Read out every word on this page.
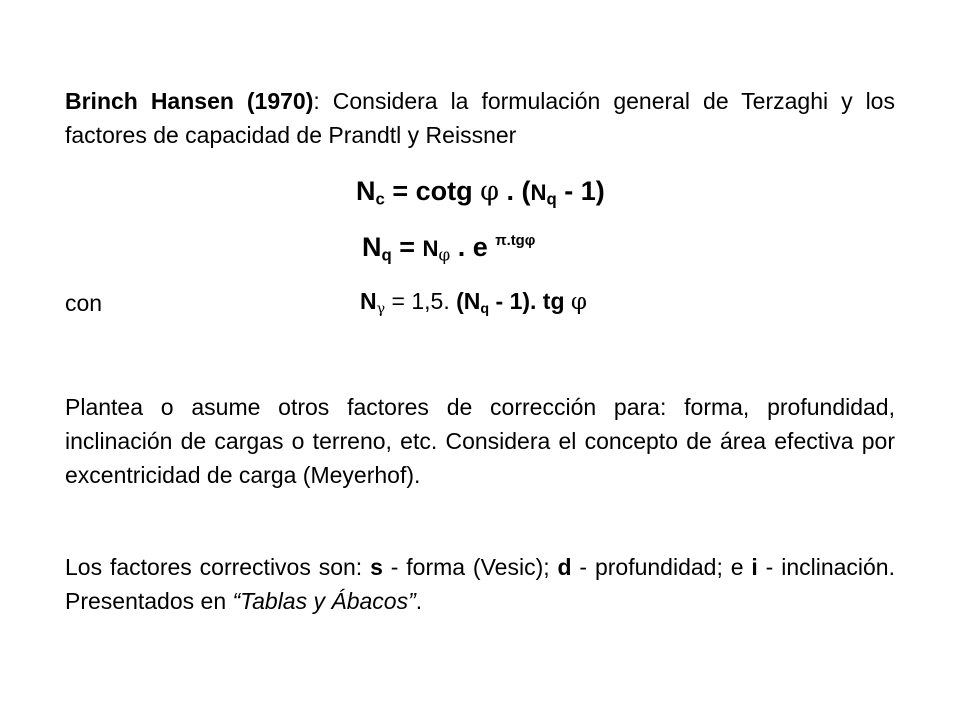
Brinch Hansen (1970): Considera la formulación general de Terzaghi y los factores de capacidad de Prandtl y Reissner

$N_c = \cot g$ φ . $(N_q - 1)$
$N_q = N_\varphi$ . e $^{\pi.tg\varphi}$
con	$N_\gamma = 1,5$. $(N_q - 1)$. tg φ

Plantea o asume otros factores de corrección para: forma, profundidad, inclinación de cargas o terreno, etc. Considera el concepto de área efectiva por excentricidad de carga (Meyerhof).

Los factores correctivos son: s - forma (Vesic); d - profundidad; e i - inclinación. Presentados en “Tablas y Ábacos”.
